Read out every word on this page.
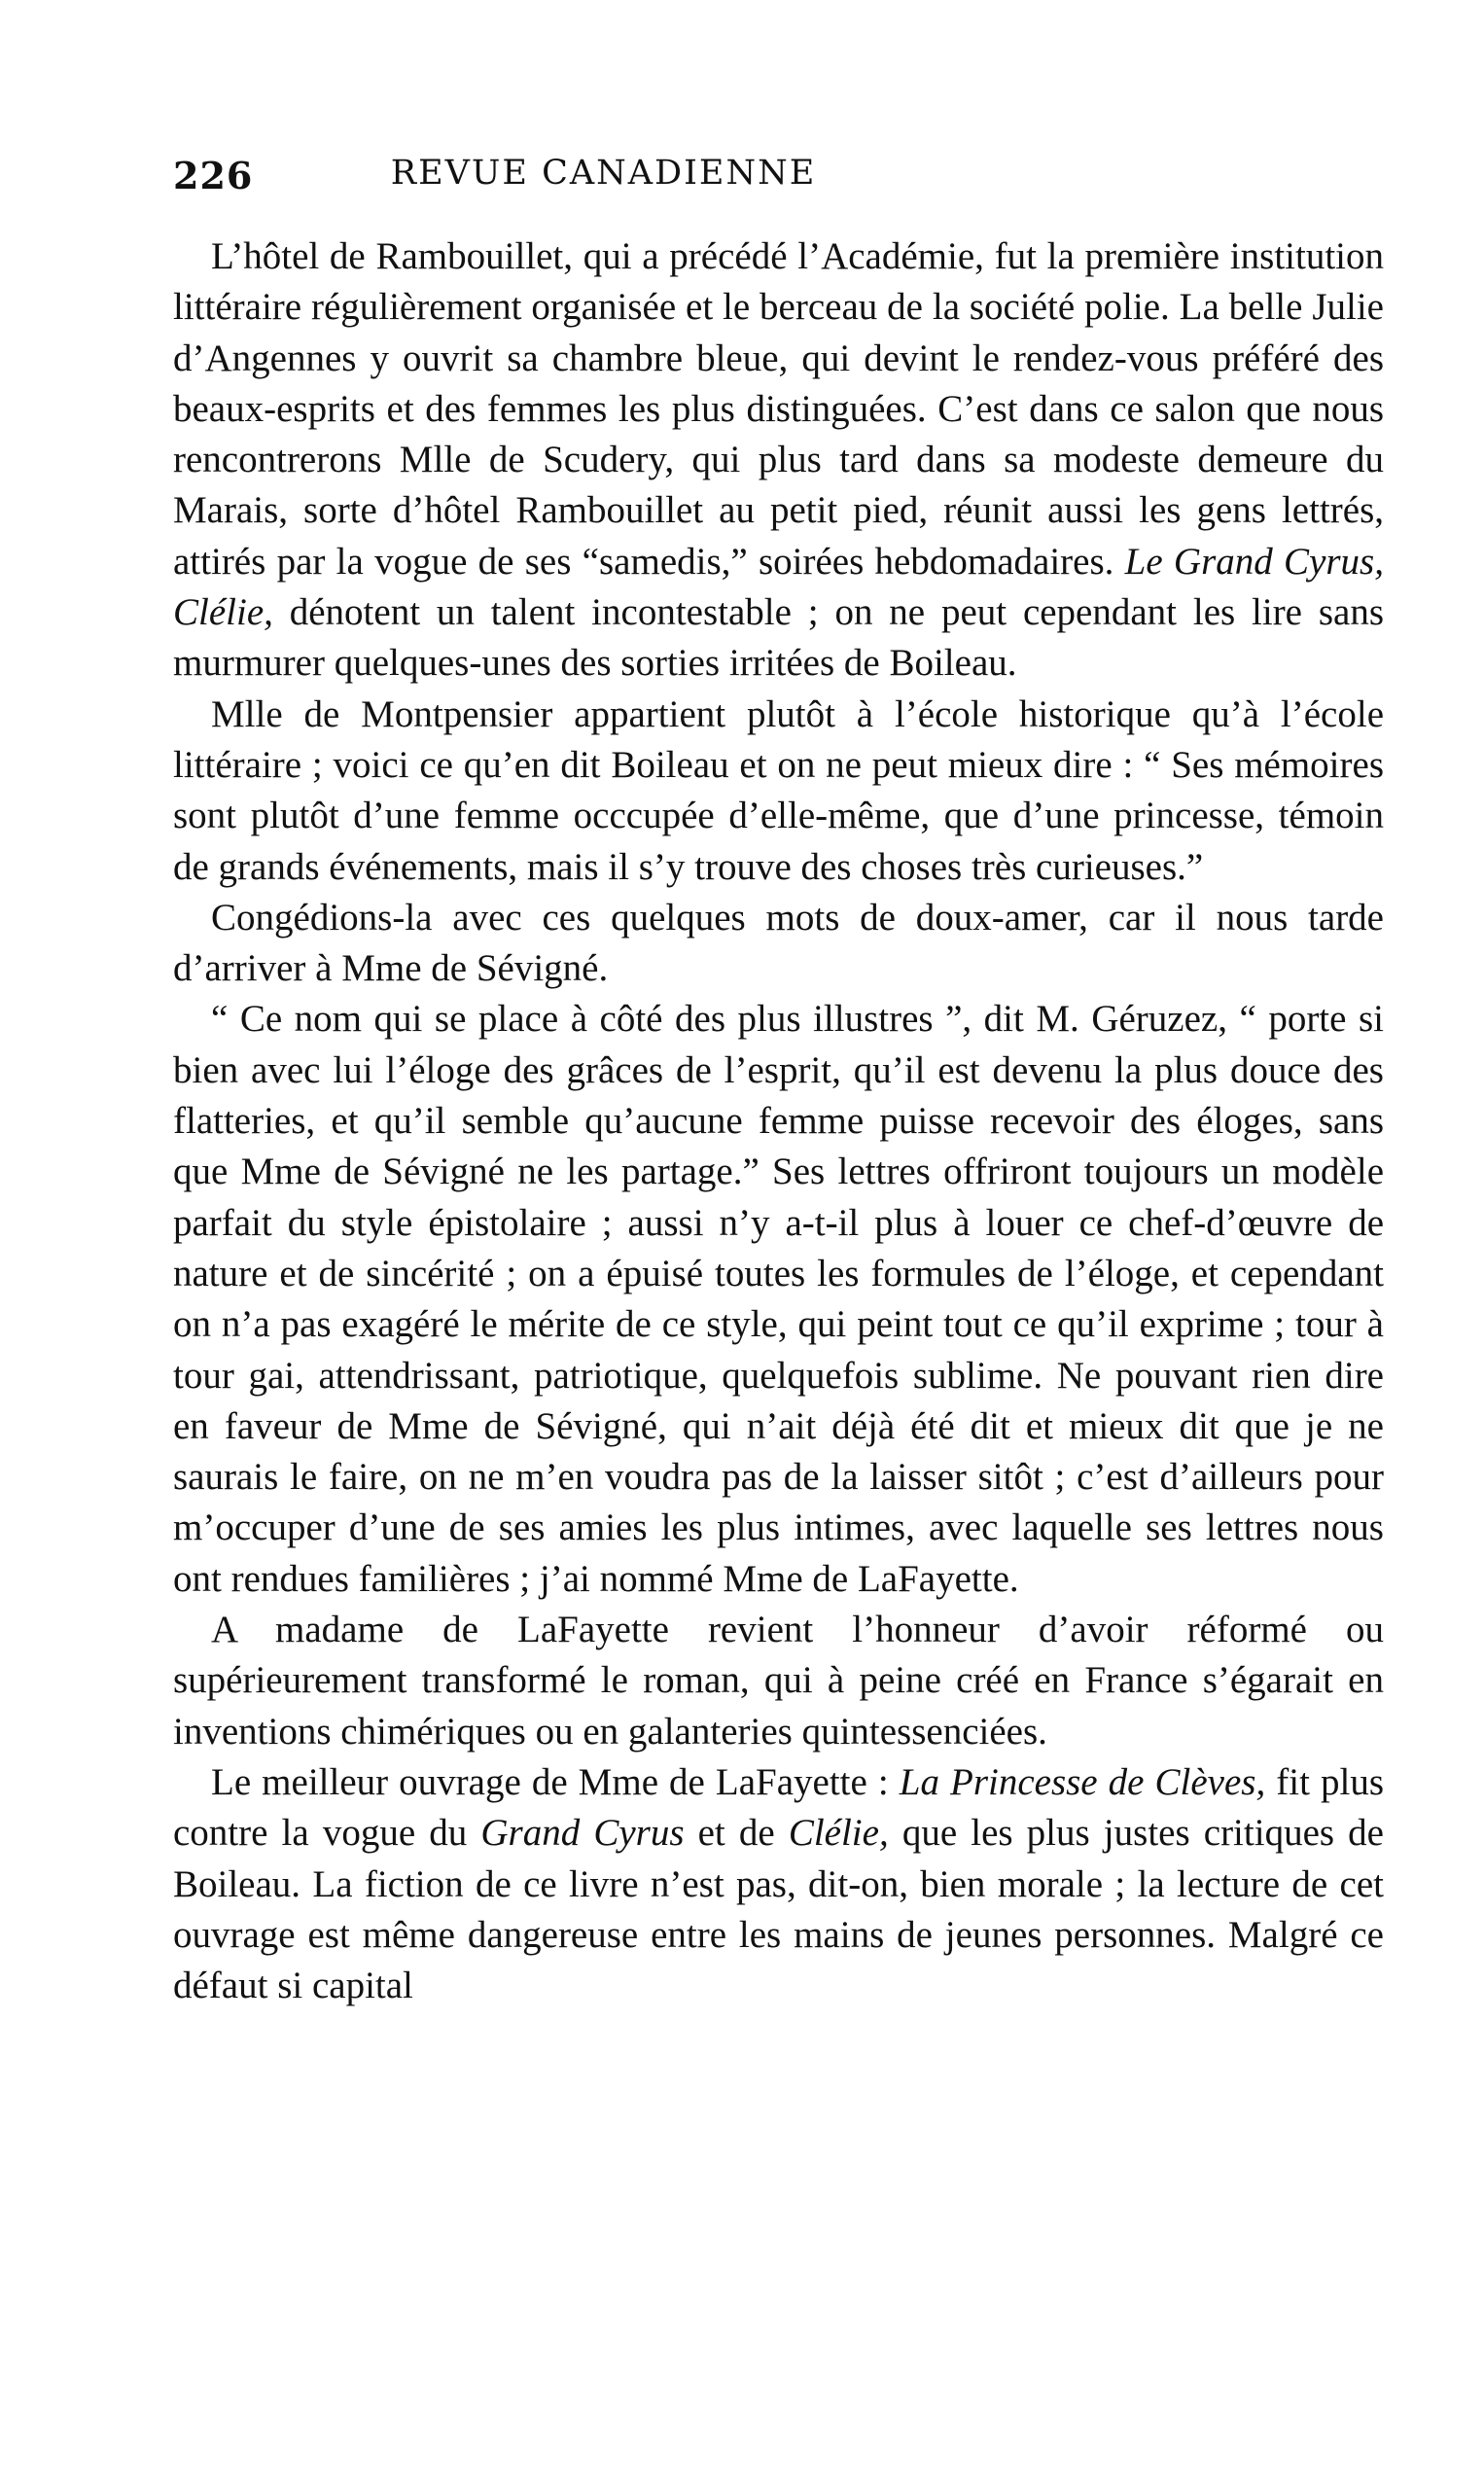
226	REVUE CANADIENNE

L’hôtel de Rambouillet, qui a précédé l’Académie, fut la première institution littéraire régulièrement organisée et le berceau de la société polie. La belle Julie d’Angennes y ouvrit sa chambre bleue, qui devint le rendez-vous préféré des beaux-esprits et des femmes les plus distinguées. C’est dans ce salon que nous rencontrerons Mlle de Scudery, qui plus tard dans sa modeste demeure du Marais, sorte d’hôtel Rambouillet au petit pied, réunit aussi les gens lettrés, attirés par la vogue de ses “samedis,” soirées hebdomadaires. Le Grand Cyrus, Clélie, dénotent un talent incontestable ; on ne peut cependant les lire sans murmurer quelques-unes des sorties irritées de Boileau.

Mlle de Montpensier appartient plutôt à l’école historique qu’à l’école littéraire ; voici ce qu’en dit Boileau et on ne peut mieux dire : “ Ses mémoires sont plutôt d’une femme occcupée d’elle-même, que d’une princesse, témoin de grands événements, mais il s’y trouve des choses très curieuses.”

Congédions-la avec ces quelques mots de doux-amer, car il nous tarde d’arriver à Mme de Sévigné.

“ Ce nom qui se place à côté des plus illustres ”, dit M. Géruzez, “ porte si bien avec lui l’éloge des grâces de l’esprit, qu’il est devenu la plus douce des flatteries, et qu’il semble qu’aucune femme puisse recevoir des éloges, sans que Mme de Sévigné ne les partage.” Ses lettres offriront toujours un modèle parfait du style épistolaire ; aussi n’y a-t-il plus à louer ce chef-d’œuvre de nature et de sincérité ; on a épuisé toutes les formules de l’éloge, et cependant on n’a pas exagéré le mérite de ce style, qui peint tout ce qu’il exprime ; tour à tour gai, attendrissant, patriotique, quelquefois sublime. Ne pouvant rien dire en faveur de Mme de Sévigné, qui n’ait déjà été dit et mieux dit que je ne saurais le faire, on ne m’en voudra pas de la laisser sitôt ; c’est d’ailleurs pour m’occuper d’une de ses amies les plus intimes, avec laquelle ses lettres nous ont rendues familières ; j’ai nommé Mme de LaFayette.

A madame de LaFayette revient l’honneur d’avoir réformé ou supérieurement transformé le roman, qui à peine créé en France s’égarait en inventions chimériques ou en galanteries quintessenciées.

Le meilleur ouvrage de Mme de LaFayette : La Princesse de Clèves, fit plus contre la vogue du Grand Cyrus et de Clélie, que les plus justes critiques de Boileau. La fiction de ce livre n’est pas, dit-on, bien morale ; la lecture de cet ouvrage est même dangereuse entre les mains de jeunes personnes. Malgré ce défaut si capital
